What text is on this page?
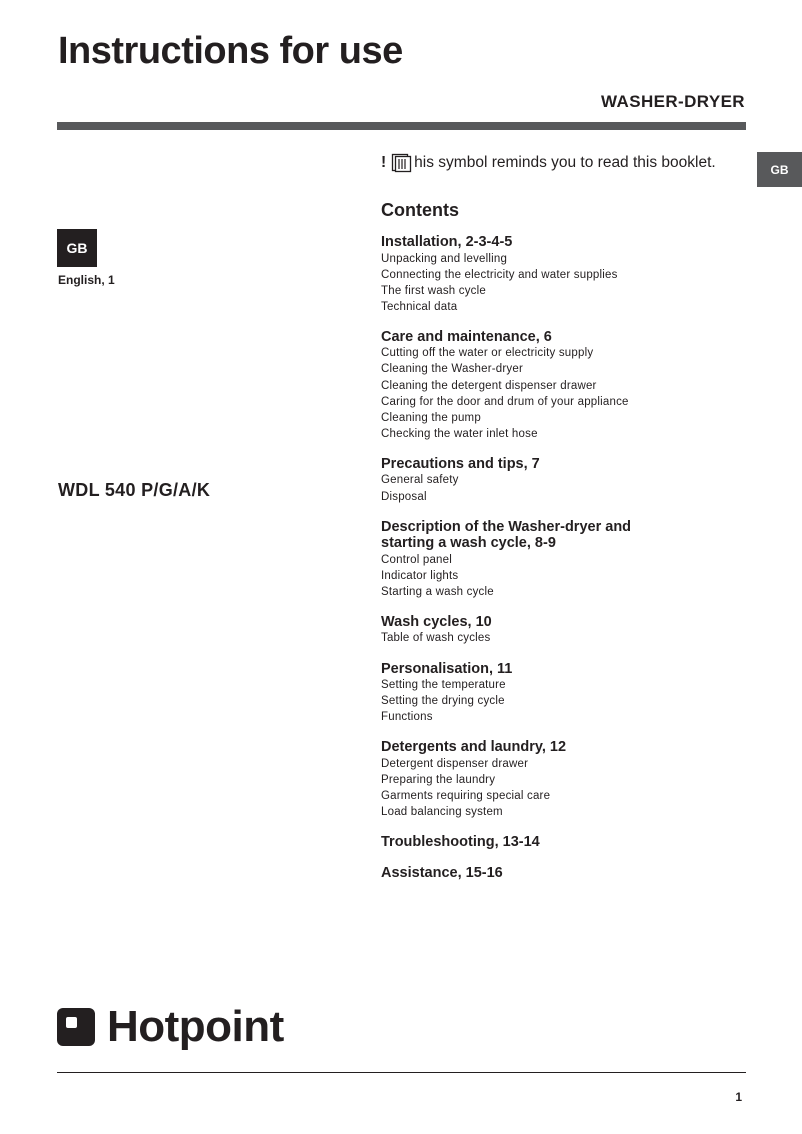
Instructions for use
WASHER-DRYER
GB
GB
English, 1
WDL 540 P/G/A/K
! his symbol reminds you to read this booklet.
Contents
Installation, 2-3-4-5
Unpacking and levelling
Connecting the electricity and water supplies
The first wash cycle
Technical data
Care and maintenance, 6
Cutting off the water or electricity supply
Cleaning the Washer-dryer
Cleaning the detergent dispenser drawer
Caring for the door and drum of your appliance
Cleaning the pump
Checking the water inlet hose
Precautions and tips, 7
General safety
Disposal
Description of the Washer-dryer and
starting a wash cycle, 8-9
Control panel
Indicator lights
Starting a wash cycle
Wash cycles, 10
Table of wash cycles
Personalisation, 11
Setting the temperature
Setting the drying cycle
Functions
Detergents and laundry, 12
Detergent dispenser drawer
Preparing the laundry
Garments requiring special care
Load balancing system
Troubleshooting, 13-14
Assistance, 15-16
Hotpoint
1
